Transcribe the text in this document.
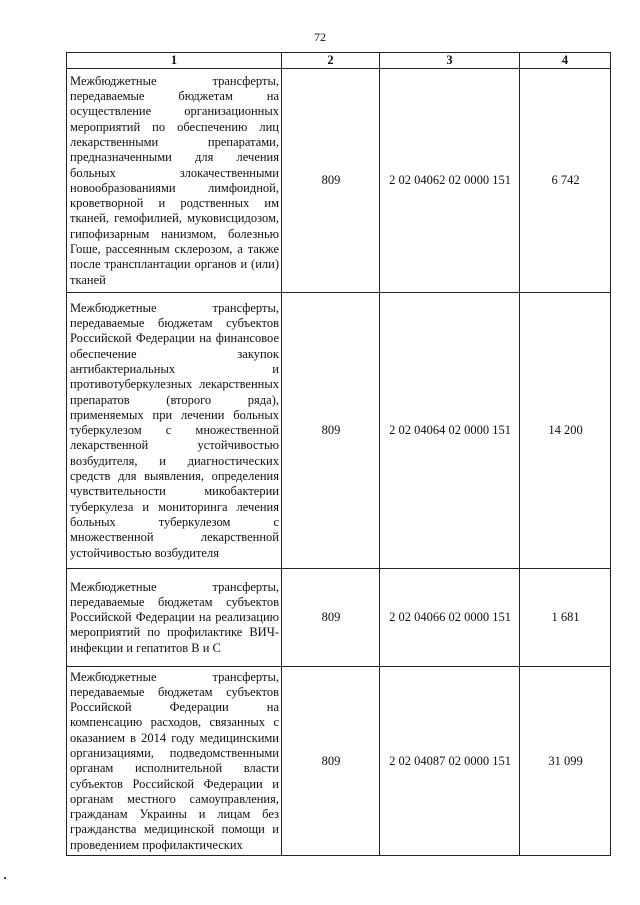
72
1	2	3	4
Межбюджетные трансферты, передаваемые бюджетам на осуществление организационных мероприятий по обеспечению лиц лекарственными препаратами, предназначенными для лечения больных злокачественными новообразованиями лимфоидной, кроветворной и родственных им тканей, гемофилией, муковисцидозом, гипофизарным нанизмом, болезнью Гоше, рассеянным склерозом, а также после трансплантации органов и (или) тканей	809	2 02 04062 02 0000 151	6 742
Межбюджетные трансферты, передаваемые бюджетам субъектов Российской Федерации на финансовое обеспечение закупок антибактериальных и противотуберкулезных лекарственных препаратов (второго ряда), применяемых при лечении больных туберкулезом с множественной лекарственной устойчивостью возбудителя, и диагностических средств для выявления, определения чувствительности микобактерии туберкулеза и мониторинга лечения больных туберкулезом с множественной лекарственной устойчивостью возбудителя	809	2 02 04064 02 0000 151	14 200
Межбюджетные трансферты, передаваемые бюджетам субъектов Российской Федерации на реализацию мероприятий по профилактике ВИЧ-инфекции и гепатитов В и С	809	2 02 04066 02 0000 151	1 681
Межбюджетные трансферты, передаваемые бюджетам субъектов Российской Федерации на компенсацию расходов, связанных с оказанием в 2014 году медицинскими организациями, подведомственными органам исполнительной власти субъектов Российской Федерации и органам местного самоуправления, гражданам Украины и лицам без гражданства медицинской помощи и проведением профилактических	809	2 02 04087 02 0000 151	31 099
